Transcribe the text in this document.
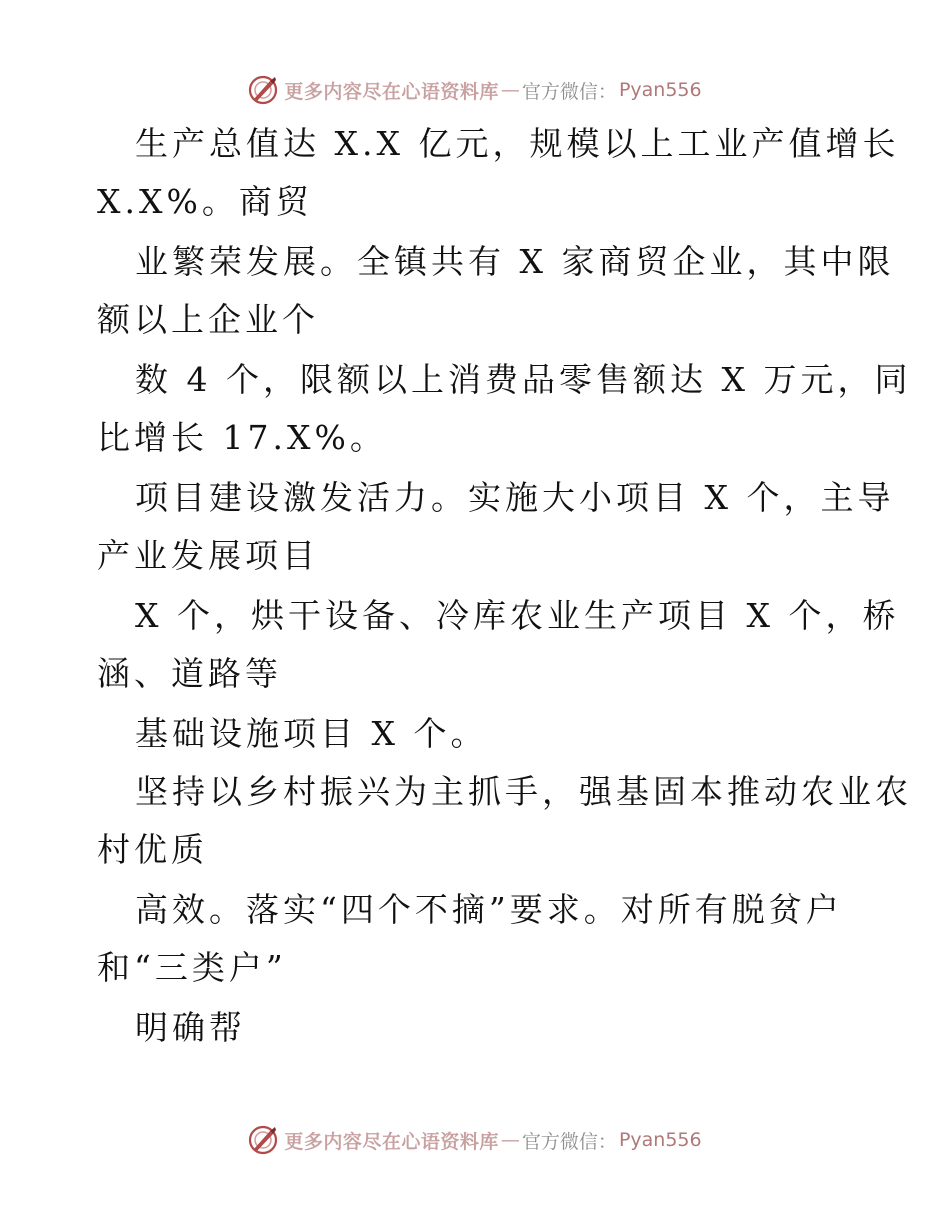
更多内容尽在心语资料库 — 官方微信： Pyan556
生产总值达 X.X 亿元，规模以上工业产值增长
X.X%。商贸
业繁荣发展。全镇共有 X 家商贸企业，其中限
额以上企业个
数 4 个，限额以上消费品零售额达 X 万元，同
比增长 17.X%。
项目建设激发活力。实施大小项目 X 个，主导
产业发展项目
X 个，烘干设备、冷库农业生产项目 X 个，桥
涵、道路等
基础设施项目 X 个。
坚持以乡村振兴为主抓手，强基固本推动农业农
村优质
高效。落实“四个不摘”要求。对所有脱贫户
和“三类户”
明确帮
更多内容尽在心语资料库 — 官方微信： Pyan556
